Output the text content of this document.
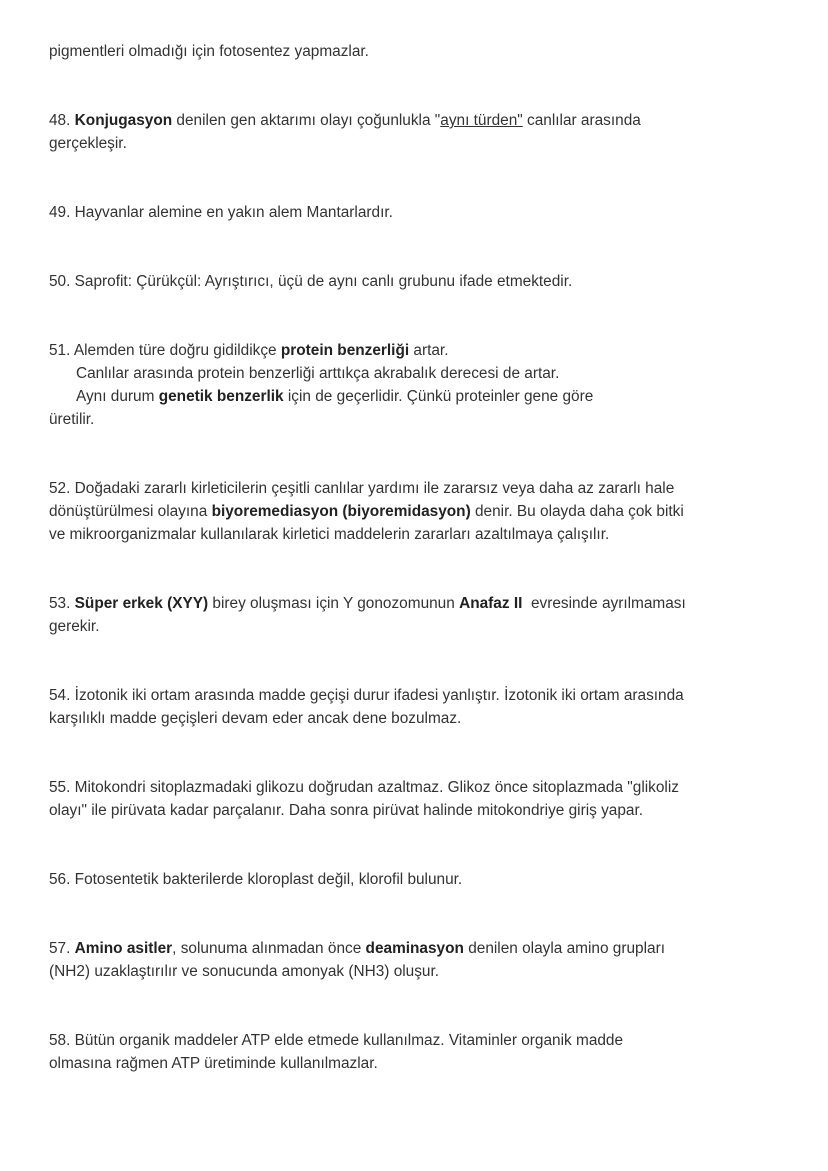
pigmentleri olmadığı için fotosentez yapmazlar.

48. Konjugasyon denilen gen aktarımı olayı çoğunlukla "aynı türden" canlılar arasında gerçekleşir.

49. Hayvanlar alemine en yakın alem Mantarlardır.

50. Saprofit: Çürükçül: Ayrıştırıcı, üçü de aynı canlı grubunu ifade etmektedir.

51. Alemden türe doğru gidildikçe protein benzerliği artar.

Canlılar arasında protein benzerliği arttıkça akrabalık derecesi de artar.

Aynı durum genetik benzerlik için de geçerlidir. Çünkü proteinler gene göre

üretilir.

52. Doğadaki zararlı kirleticilerin çeşitli canlılar yardımı ile zararsız veya daha az zararlı hale dönüştürülmesi olayına biyoremediasyon (biyoremidasyon) denir. Bu olayda daha çok bitki ve mikroorganizmalar kullanılarak kirletici maddelerin zararları azaltılmaya çalışılır.

53. Süper erkek (XYY) birey oluşması için Y gonozomunun Anafaz II  evresinde ayrılmaması gerekir.

54. İzotonik iki ortam arasında madde geçişi durur ifadesi yanlıştır. İzotonik iki ortam arasında karşılıklı madde geçişleri devam eder ancak dene bozulmaz.

55. Mitokondri sitoplazmadaki glikozu doğrudan azaltmaz. Glikoz önce sitoplazmada "glikoliz olayı" ile pirüvata kadar parçalanır. Daha sonra pirüvat halinde mitokondriye giriş yapar.

56. Fotosentetik bakterilerde kloroplast değil, klorofil bulunur.

57. Amino asitler, solunuma alınmadan önce deaminasyon denilen olayla amino grupları (NH2) uzaklaştırılır ve sonucunda amonyak (NH3) oluşur.

58. Bütün organik maddeler ATP elde etmede kullanılmaz. Vitaminler organik madde olmasına rağmen ATP üretiminde kullanılmazlar.
